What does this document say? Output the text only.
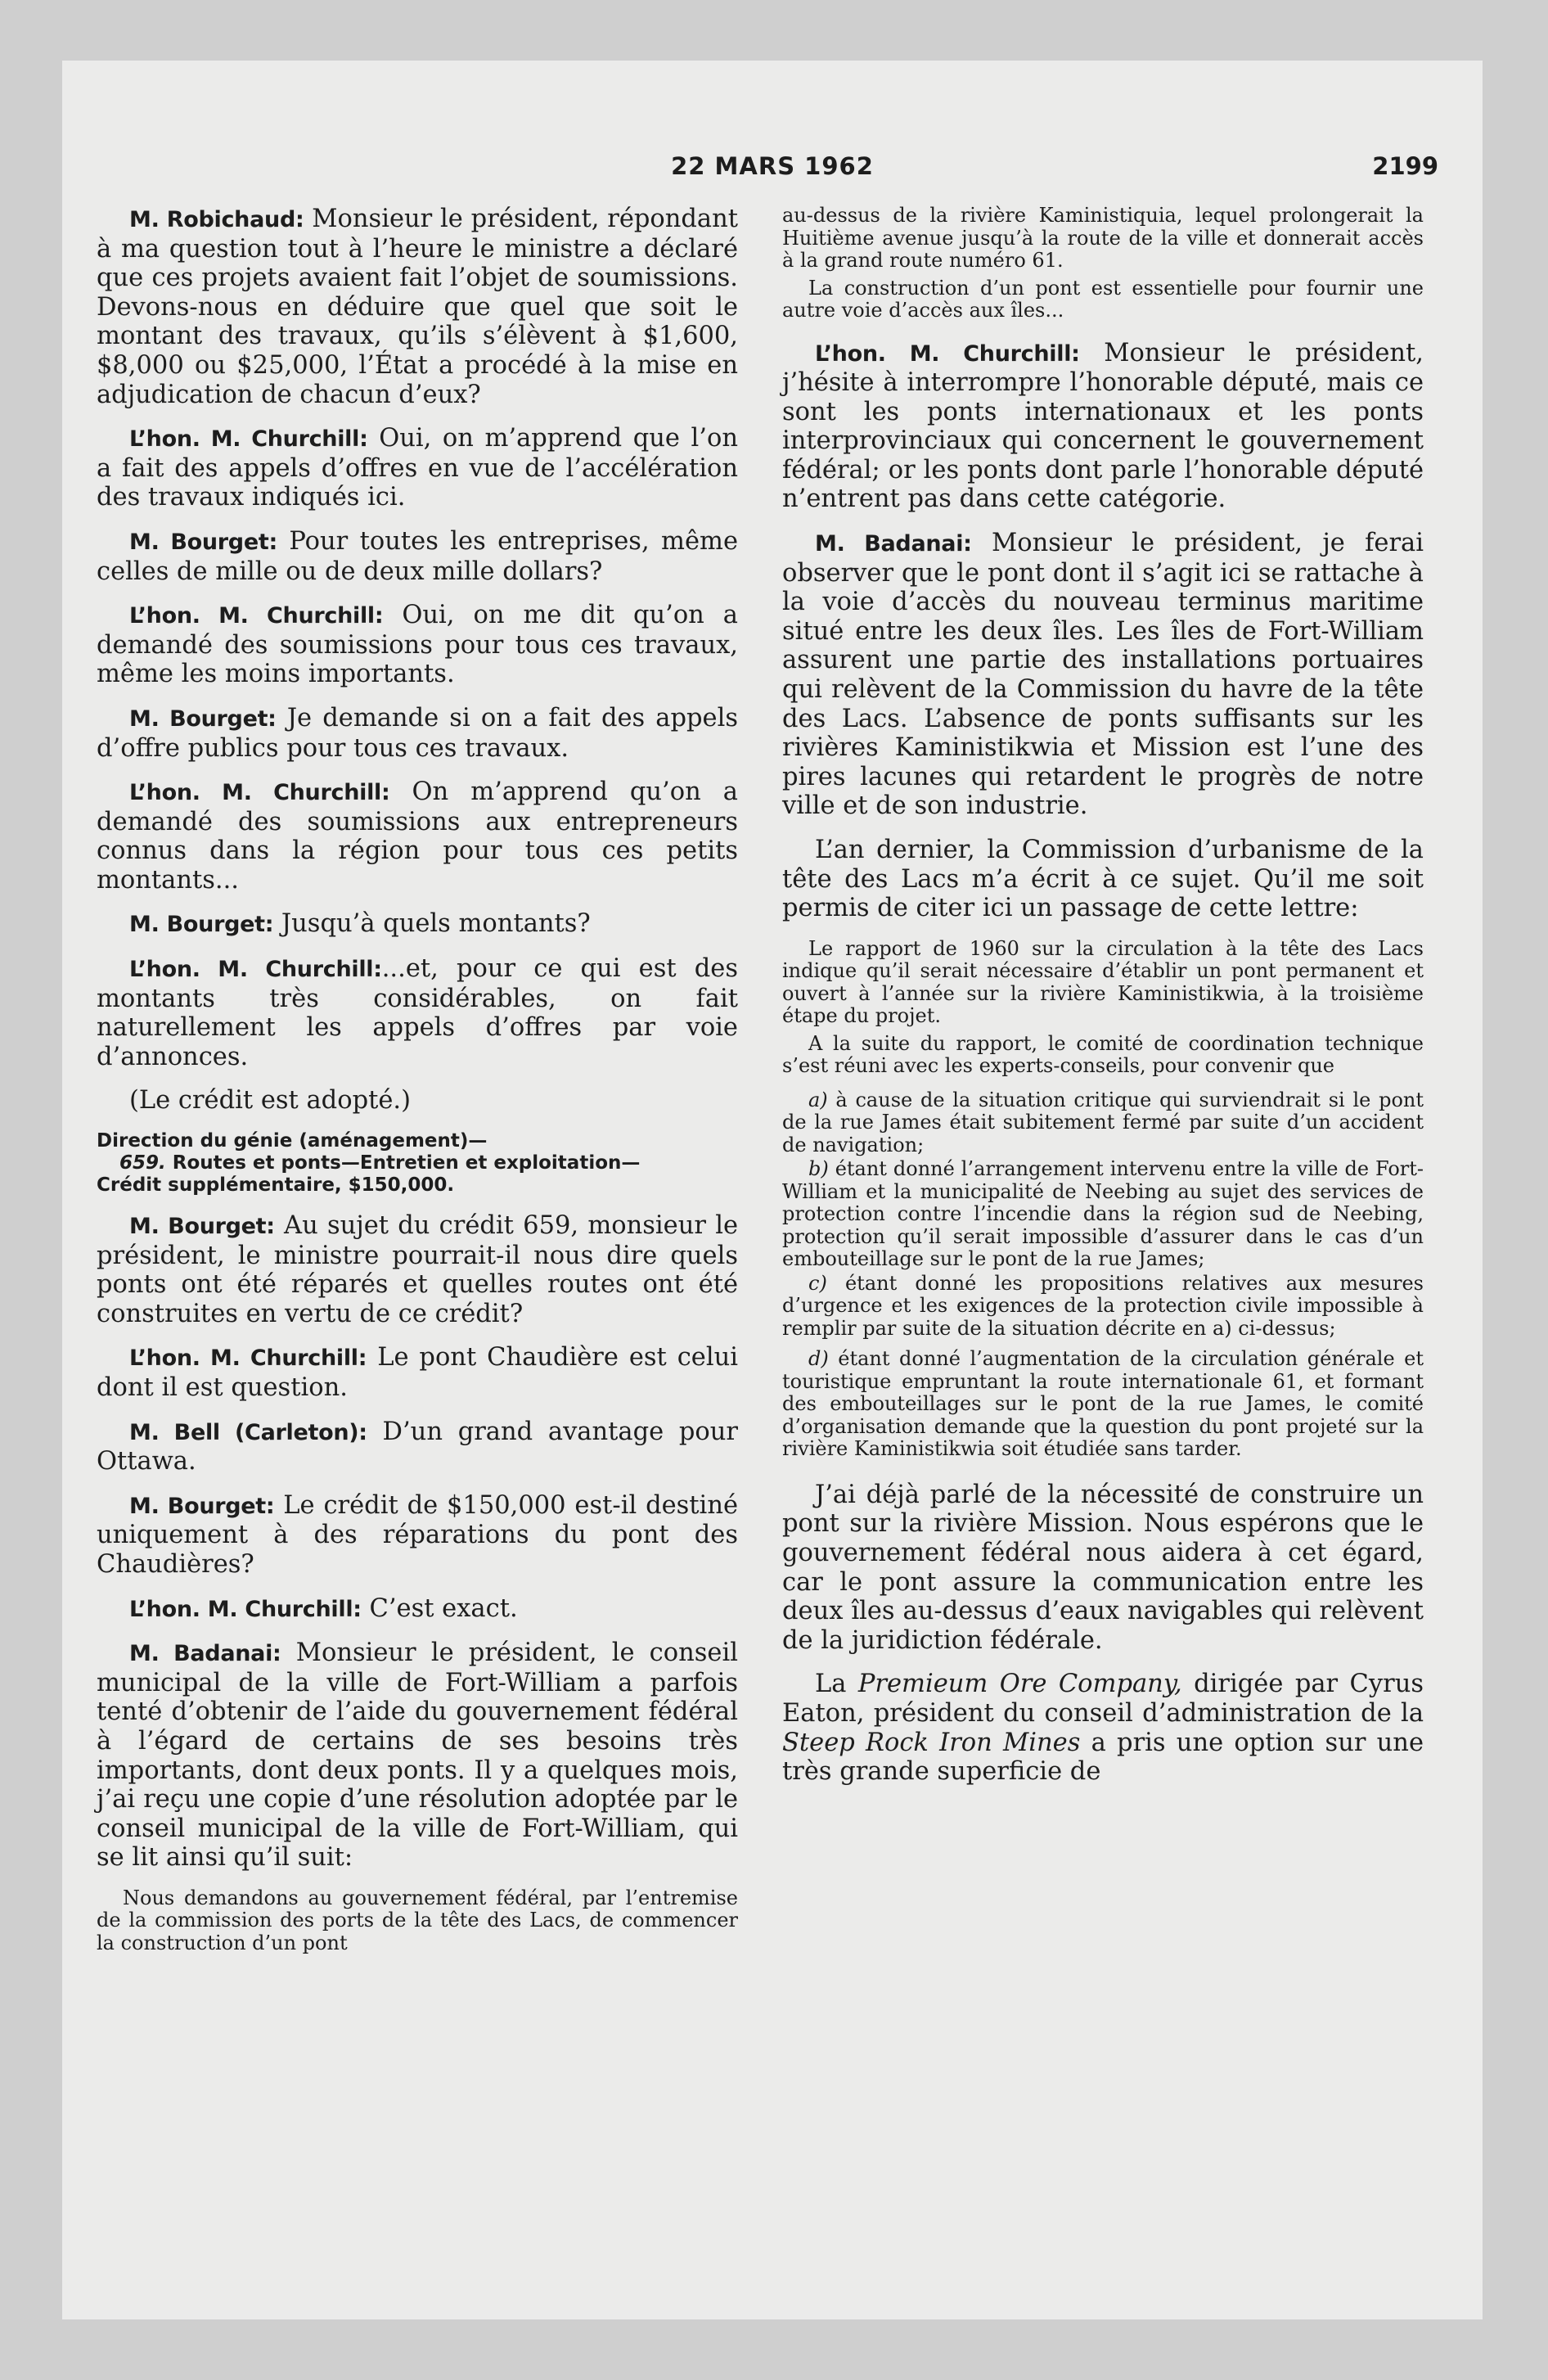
22 MARS 1962	2199

M. Robichaud: Monsieur le président, répondant à ma question tout à l’heure le ministre a déclaré que ces projets avaient fait l’objet de soumissions. Devons-nous en déduire que quel que soit le montant des travaux, qu’ils s’élèvent à $1,600, $8,000 ou $25,000, l’État a procédé à la mise en adjudication de chacun d’eux?

L’hon. M. Churchill: Oui, on m’apprend que l’on a fait des appels d’offres en vue de l’accélération des travaux indiqués ici.

M. Bourget: Pour toutes les entreprises, même celles de mille ou de deux mille dollars?

L’hon. M. Churchill: Oui, on me dit qu’on a demandé des soumissions pour tous ces travaux, même les moins importants.

M. Bourget: Je demande si on a fait des appels d’offre publics pour tous ces travaux.

L’hon. M. Churchill: On m’apprend qu’on a demandé des soumissions aux entrepreneurs connus dans la région pour tous ces petits montants...

M. Bourget: Jusqu’à quels montants?

L’hon. M. Churchill:...et, pour ce qui est des montants très considérables, on fait naturellement les appels d’offres par voie d’annonces.

(Le crédit est adopté.)

Direction du génie (aménagement)—
659. Routes et ponts—Entretien et exploitation—
Crédit supplémentaire, $150,000.

M. Bourget: Au sujet du crédit 659, monsieur le président, le ministre pourrait-il nous dire quels ponts ont été réparés et quelles routes ont été construites en vertu de ce crédit?

L’hon. M. Churchill: Le pont Chaudière est celui dont il est question.

M. Bell (Carleton): D’un grand avantage pour Ottawa.

M. Bourget: Le crédit de $150,000 est-il destiné uniquement à des réparations du pont des Chaudières?

L’hon. M. Churchill: C’est exact.

M. Badanai: Monsieur le président, le conseil municipal de la ville de Fort-William a parfois tenté d’obtenir de l’aide du gouvernement fédéral à l’égard de certains de ses besoins très importants, dont deux ponts. Il y a quelques mois, j’ai reçu une copie d’une résolution adoptée par le conseil municipal de la ville de Fort-William, qui se lit ainsi qu’il suit:

Nous demandons au gouvernement fédéral, par l’entremise de la commission des ports de la tête des Lacs, de commencer la construction d’un pont

au-dessus de la rivière Kaministiquia, lequel prolongerait la Huitième avenue jusqu’à la route de la ville et donnerait accès à la grand route numéro 61.

La construction d’un pont est essentielle pour fournir une autre voie d’accès aux îles...

L’hon. M. Churchill: Monsieur le président, j’hésite à interrompre l’honorable député, mais ce sont les ponts internationaux et les ponts interprovinciaux qui concernent le gouvernement fédéral; or les ponts dont parle l’honorable député n’entrent pas dans cette catégorie.

M. Badanai: Monsieur le président, je ferai observer que le pont dont il s’agit ici se rattache à la voie d’accès du nouveau terminus maritime situé entre les deux îles. Les îles de Fort-William assurent une partie des installations portuaires qui relèvent de la Commission du havre de la tête des Lacs. L’absence de ponts suffisants sur les rivières Kaministikwia et Mission est l’une des pires lacunes qui retardent le progrès de notre ville et de son industrie.

L’an dernier, la Commission d’urbanisme de la tête des Lacs m’a écrit à ce sujet. Qu’il me soit permis de citer ici un passage de cette lettre:

Le rapport de 1960 sur la circulation à la tête des Lacs indique qu’il serait nécessaire d’établir un pont permanent et ouvert à l’année sur la rivière Kaministikwia, à la troisième étape du projet.

A la suite du rapport, le comité de coordination technique s’est réuni avec les experts-conseils, pour convenir que

a) à cause de la situation critique qui surviendrait si le pont de la rue James était subitement fermé par suite d’un accident de navigation;

b) étant donné l’arrangement intervenu entre la ville de Fort-William et la municipalité de Neebing au sujet des services de protection contre l’incendie dans la région sud de Neebing, protection qu’il serait impossible d’assurer dans le cas d’un embouteillage sur le pont de la rue James;

c) étant donné les propositions relatives aux mesures d’urgence et les exigences de la protection civile impossible à remplir par suite de la situation décrite en a) ci-dessus;

d) étant donné l’augmentation de la circulation générale et touristique empruntant la route internationale 61, et formant des embouteillages sur le pont de la rue James, le comité d’organisation demande que la question du pont projeté sur la rivière Kaministikwia soit étudiée sans tarder.

J’ai déjà parlé de la nécessité de construire un pont sur la rivière Mission. Nous espérons que le gouvernement fédéral nous aidera à cet égard, car le pont assure la communication entre les deux îles au-dessus d’eaux navigables qui relèvent de la juridiction fédérale.

La Premieum Ore Company, dirigée par Cyrus Eaton, président du conseil d’administration de la Steep Rock Iron Mines a pris une option sur une très grande superficie de
